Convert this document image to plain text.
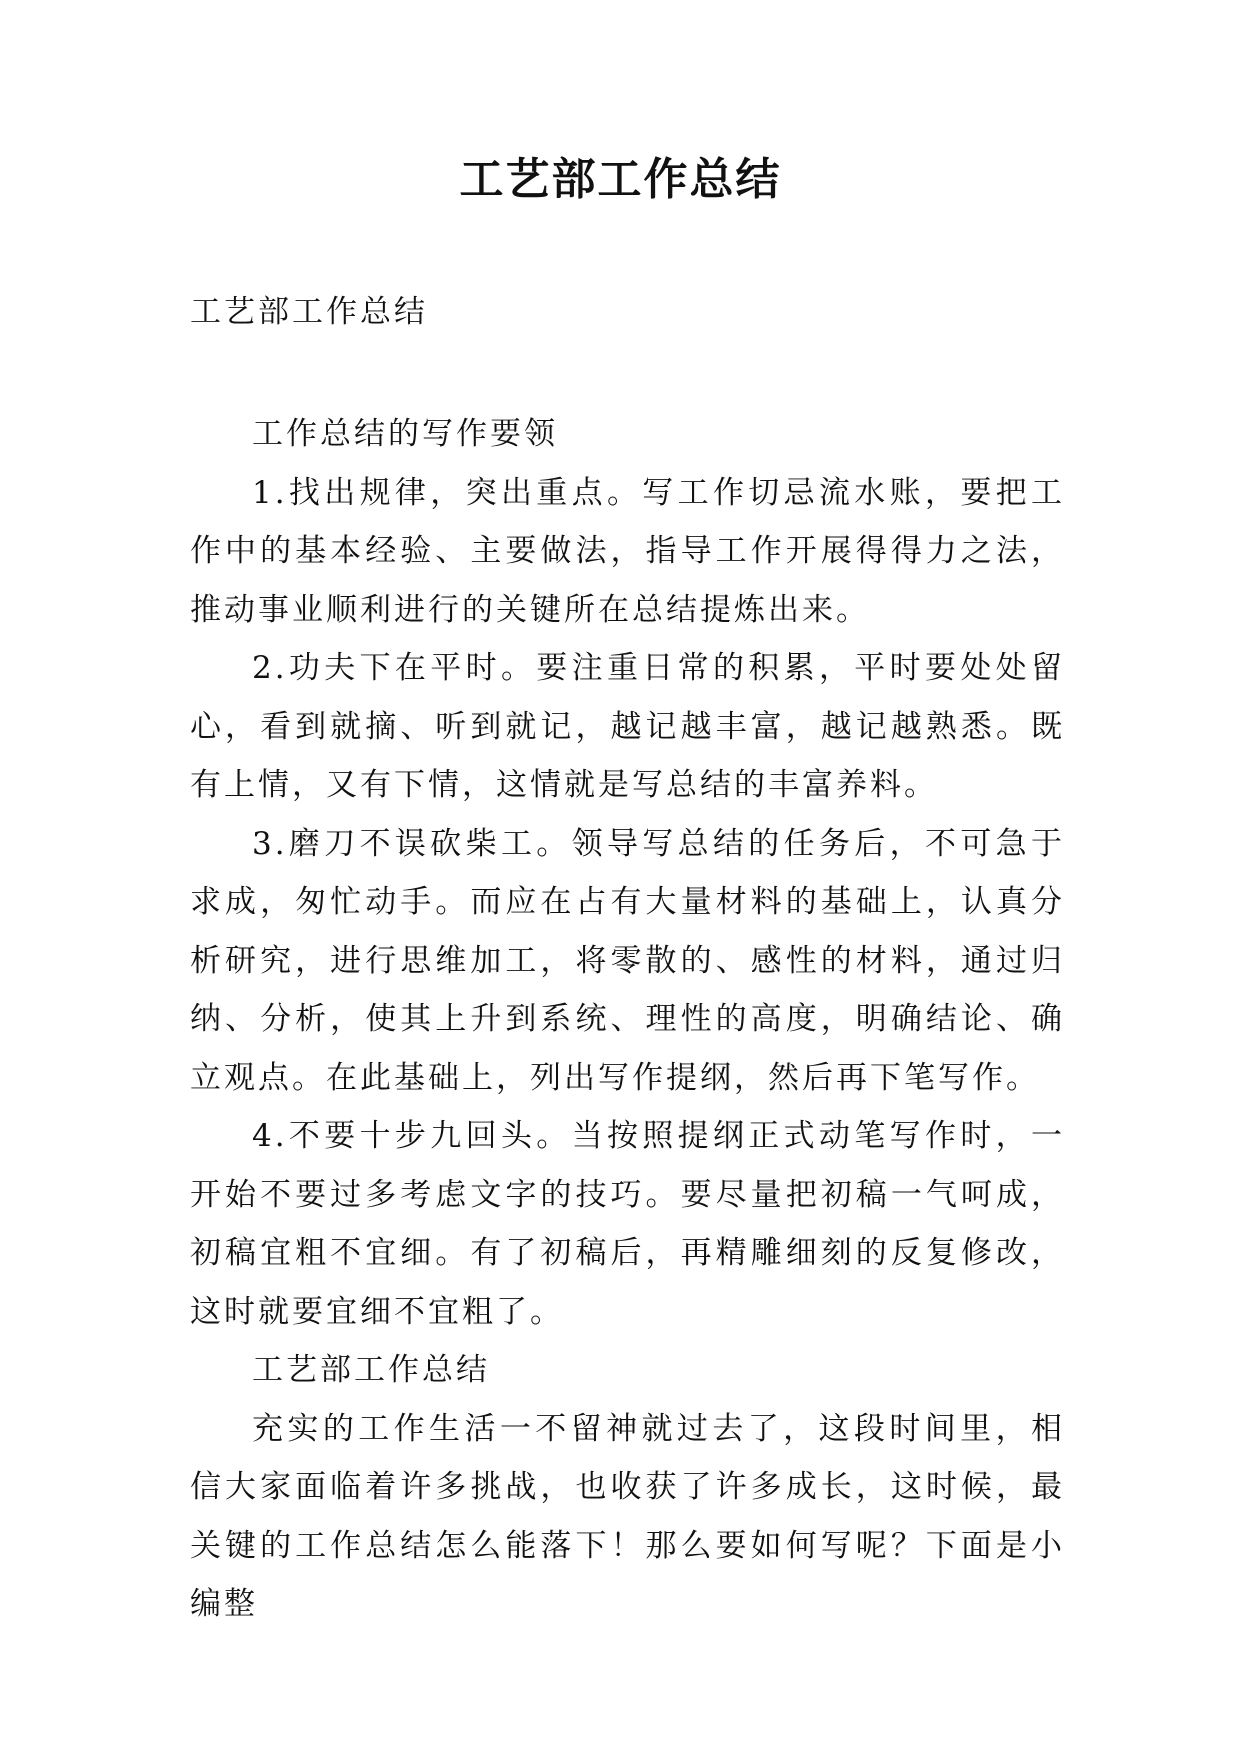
工艺部工作总结
工艺部工作总结

工作总结的写作要领

1.找出规律，突出重点。写工作切忌流水账，要把工作中的基本经验、主要做法，指导工作开展得得力之法，推动事业顺利进行的关键所在总结提炼出来。

2.功夫下在平时。要注重日常的积累，平时要处处留心，看到就摘、听到就记，越记越丰富，越记越熟悉。既有上情，又有下情，这情就是写总结的丰富养料。

3.磨刀不误砍柴工。领导写总结的任务后，不可急于求成，匆忙动手。而应在占有大量材料的基础上，认真分析研究，进行思维加工，将零散的、感性的材料，通过归纳、分析，使其上升到系统、理性的高度，明确结论、确立观点。在此基础上，列出写作提纲，然后再下笔写作。

4.不要十步九回头。当按照提纲正式动笔写作时，一开始不要过多考虑文字的技巧。要尽量把初稿一气呵成，初稿宜粗不宜细。有了初稿后，再精雕细刻的反复修改，这时就要宜细不宜粗了。

工艺部工作总结

充实的工作生活一不留神就过去了，这段时间里，相信大家面临着许多挑战，也收获了许多成长，这时候，最关键的工作总结怎么能落下！那么要如何写呢？下面是小编整
